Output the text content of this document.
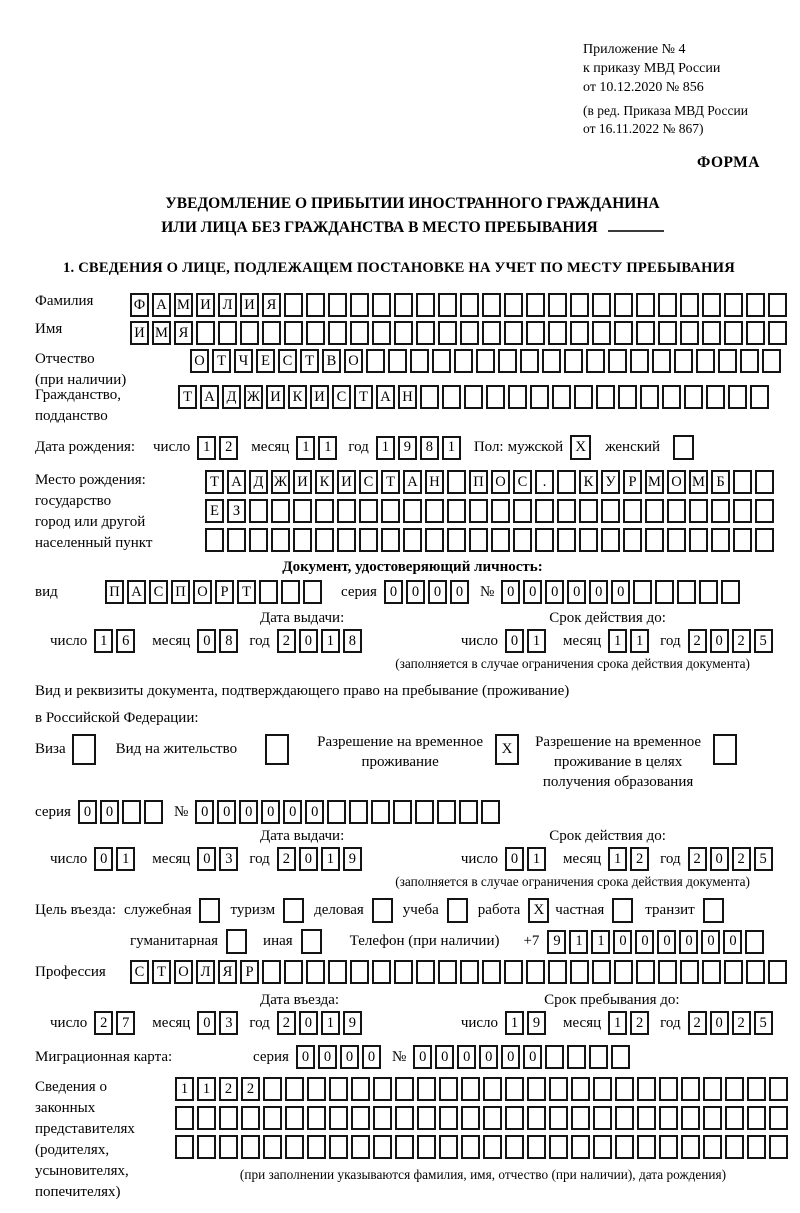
Приложение № 4
к приказу МВД России
от 10.12.2020 № 856
(в ред. Приказа МВД России
от 16.11.2022 № 867)
ФОРМА
УВЕДОМЛЕНИЕ О ПРИБЫТИИ ИНОСТРАННОГО ГРАЖДАНИНА
ИЛИ ЛИЦА БЕЗ ГРАЖДАНСТВА В МЕСТО ПРЕБЫВАНИЯ
1. СВЕДЕНИЯ О ЛИЦЕ, ПОДЛЕЖАЩЕМ ПОСТАНОВКЕ НА УЧЕТ ПО МЕСТУ ПРЕБЫВАНИЯ
Фамилия	Ф А М И Л И Я
Имя	И М Я
Отчество
(при наличии)
О Т Ч Е С Т В О
Гражданство,
подданство
Т А Д Ж И К И С Т А Н
Дата рождения:	число 1	2	месяц 1	1	год 1	9	8	1	Пол: мужской X	женский
Место рождения:
государство
город или другой
населенный пункт
Т А Д Ж И К И С Т А Н П О С	.	К У Р М О М Б
Е З
Документ, удостоверяющий личность:
вид	П А С П О Р Т	серия 0	0	0	0	№ 0	0	0	0	0	0
Дата выдачи:	Срок действия до:
число 1	6	месяц 0	8	год 2	0	1	8	число 0	1	месяц 1	1	год 2	0	2	5
(заполняется в случае ограничения срока действия документа)
Вид и реквизиты документа, подтверждающего право на пребывание (проживание)
в Российской Федерации:
Виза	Вид на жительство	Разрешение на временное
проживание
X	Разрешение на временное
проживание в целях
получения образования
серия 0	0	№ 0	0	0	0	0	0
Дата выдачи:	Срок действия до:
число 0	1	месяц 0	3	год 2	0	1	9	число 0	1	месяц 1	2	год 2	0	2	5
(заполняется в случае ограничения срока действия документа)
Цель въезда: служебная	туризм	деловая	учеба	работа X частная	транзит
гуманитарная	иная	Телефон (при наличии) +7 9	1	1	0	0	0	0	0	0
Профессия	С Т О Л Я Р
Дата въезда:	Срок пребывания до:
число 2	7	месяц 0	3	год 2	0	1	9	число 1	9	месяц 1	2	год 2	0	2	5
Миграционная карта:	серия 0	0	0	0	№ 0	0	0	0	0	0
Сведения о
законных
представителях
(родителях,
усыновителях,
попечителях)
1	1	2	2
(при заполнении указываются фамилия, имя, отчество (при наличии), дата рождения)
